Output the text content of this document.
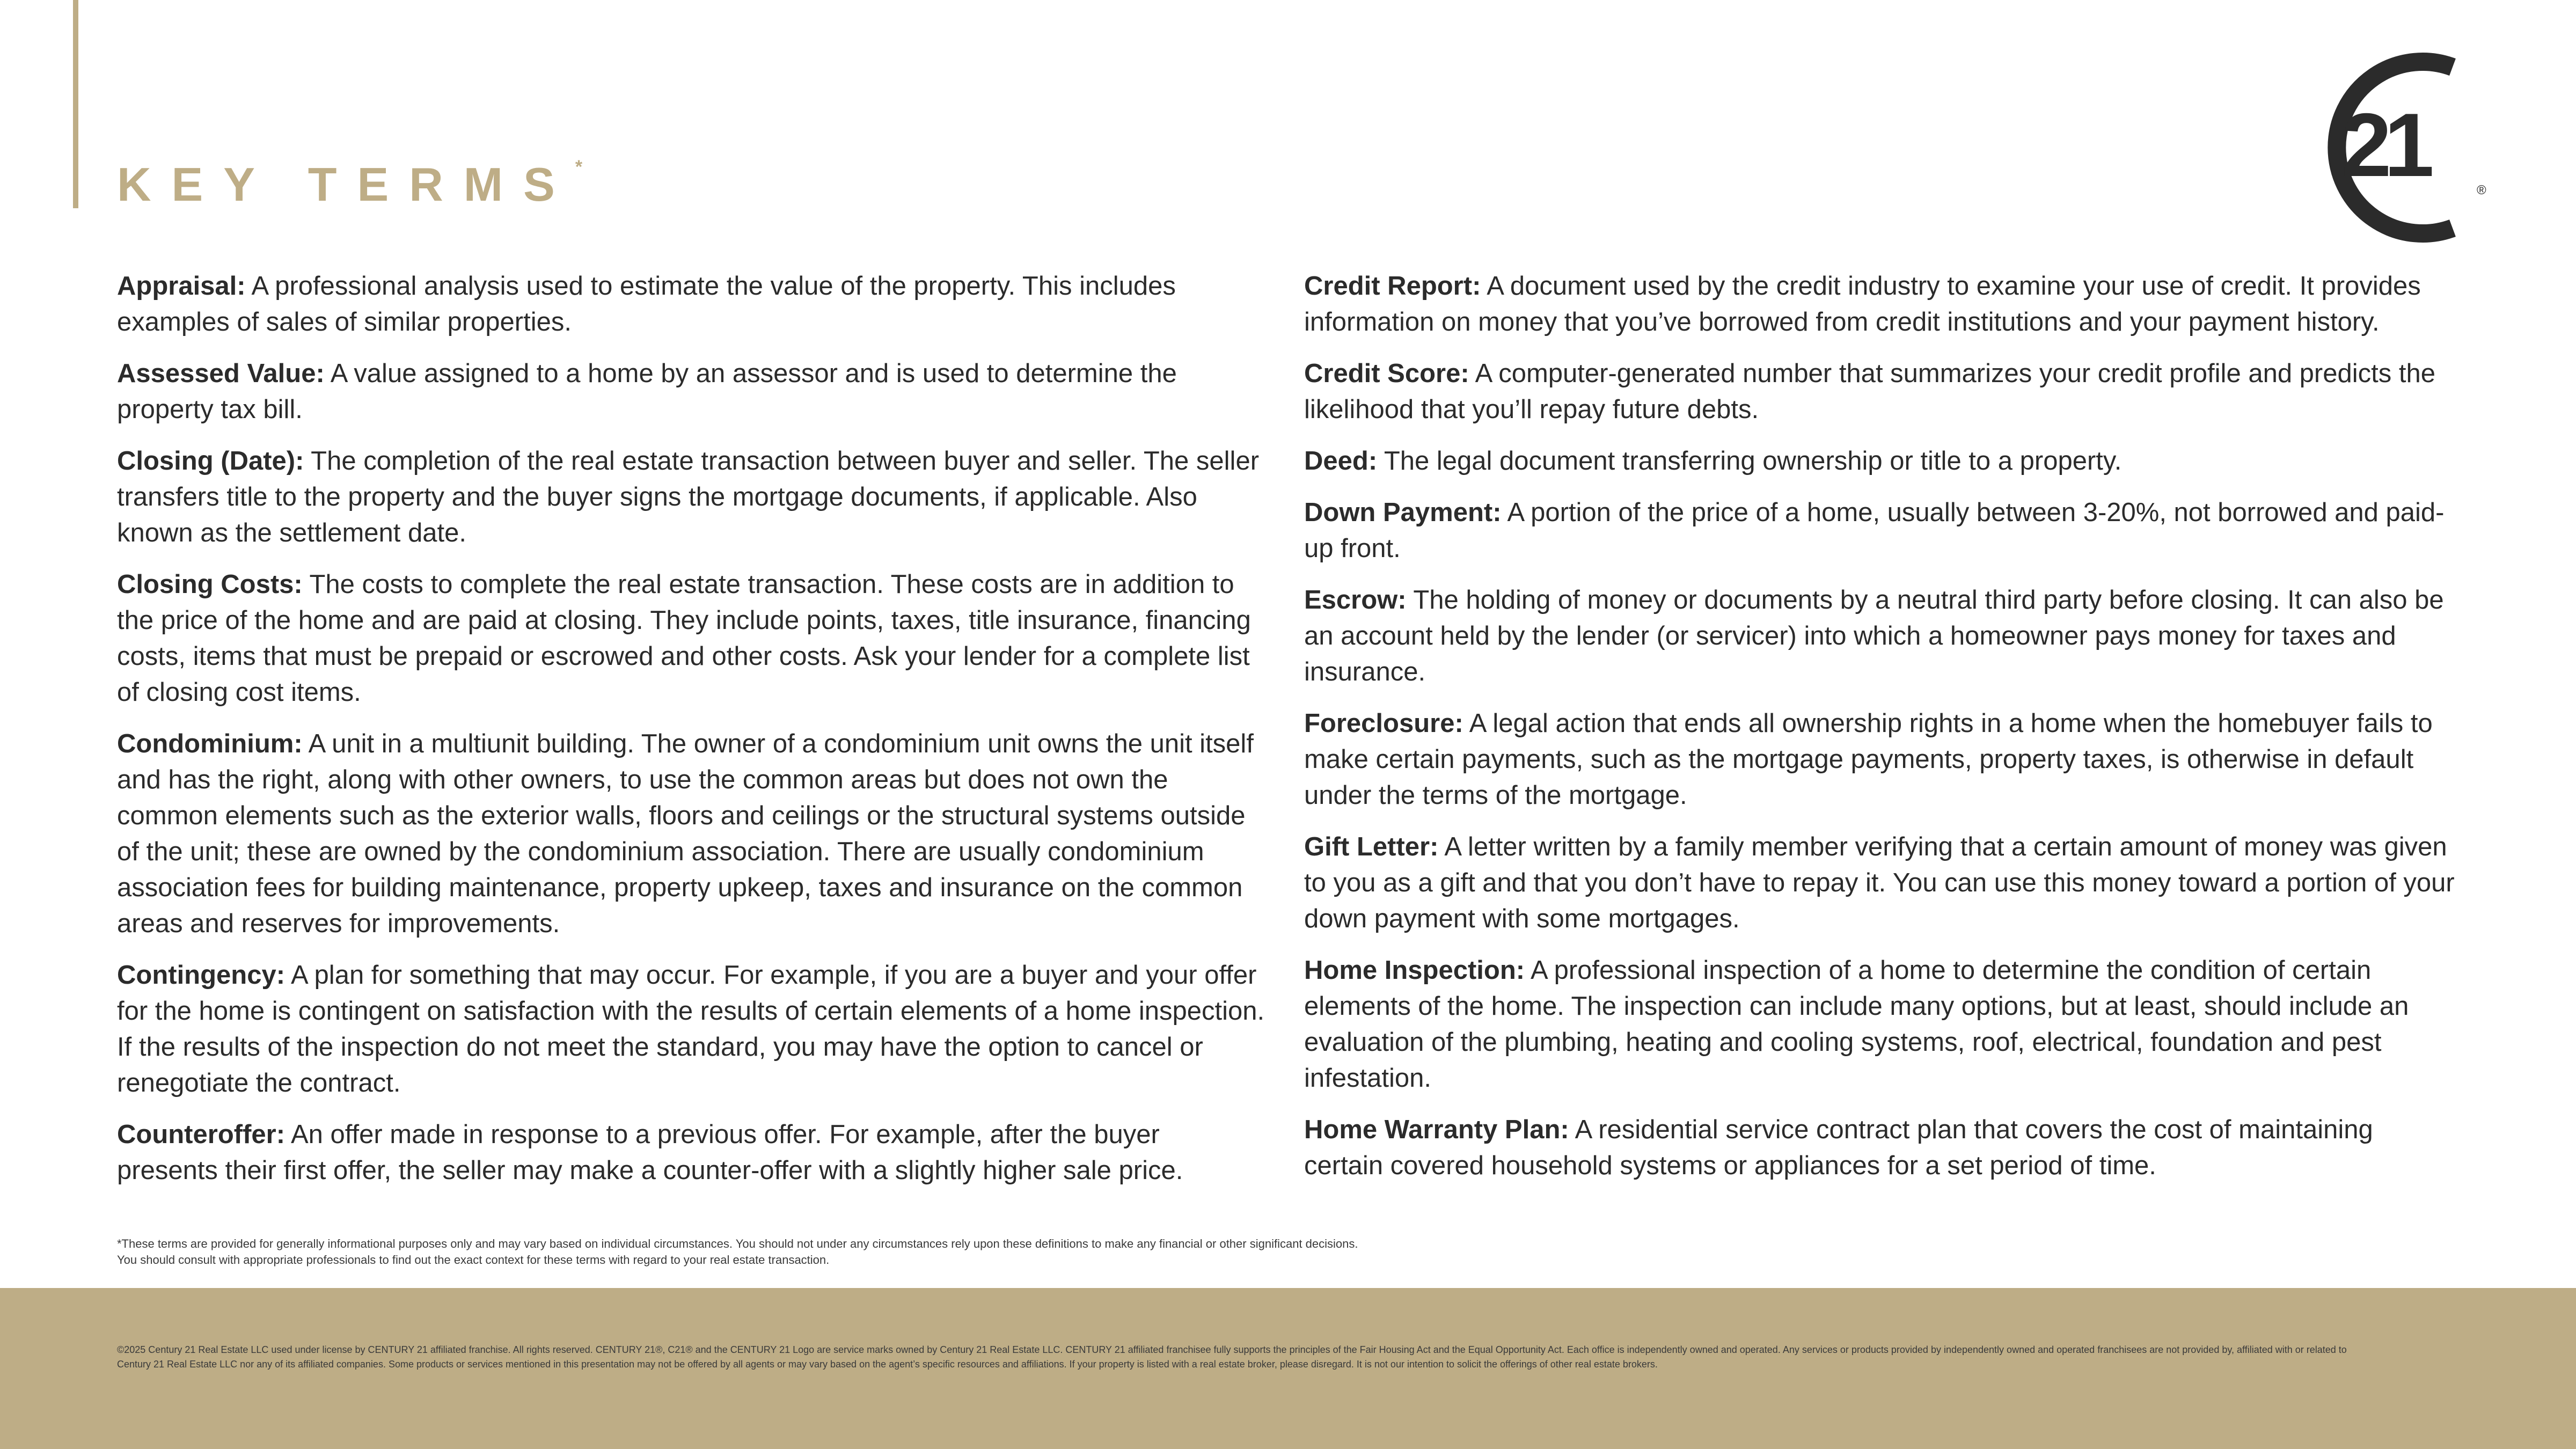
KEY TERMS*	21	®

Appraisal: A professional analysis used to estimate the value of the property. This includes examples of sales of similar properties.

Assessed Value: A value assigned to a home by an assessor and is used to determine the property tax bill.

Closing (Date): The completion of the real estate transaction between buyer and seller. The seller transfers title to the property and the buyer signs the mortgage documents, if applicable. Also known as the settlement date.

Closing Costs: The costs to complete the real estate transaction. These costs are in addition to the price of the home and are paid at closing. They include points, taxes, title insurance, financing costs, items that must be prepaid or escrowed and other costs. Ask your lender for a complete list of closing cost items.

Condominium: A unit in a multiunit building. The owner of a condominium unit owns the unit itself and has the right, along with other owners, to use the common areas but does not own the common elements such as the exterior walls, floors and ceilings or the structural systems outside of the unit; these are owned by the condominium association. There are usually condominium association fees for building maintenance, property upkeep, taxes and insurance on the common areas and reserves for improvements.

Contingency: A plan for something that may occur. For example, if you are a buyer and your offer for the home is contingent on satisfaction with the results of certain elements of a home inspection. If the results of the inspection do not meet the standard, you may have the option to cancel or renegotiate the contract.

Counteroffer: An offer made in response to a previous offer. For example, after the buyer presents their first offer, the seller may make a counter-offer with a slightly higher sale price.

Credit Report: A document used by the credit industry to examine your use of credit. It provides information on money that you’ve borrowed from credit institutions and your payment history.

Credit Score: A computer-generated number that summarizes your credit profile and predicts the likelihood that you’ll repay future debts.

Deed: The legal document transferring ownership or title to a property.

Down Payment: A portion of the price of a home, usually between 3-20%, not borrowed and paid-up front.

Escrow: The holding of money or documents by a neutral third party before closing. It can also be an account held by the lender (or servicer) into which a homeowner pays money for taxes and insurance.

Foreclosure: A legal action that ends all ownership rights in a home when the homebuyer fails to make certain payments, such as the mortgage payments, property taxes, is otherwise in default under the terms of the mortgage.

Gift Letter: A letter written by a family member verifying that a certain amount of money was given to you as a gift and that you don’t have to repay it. You can use this money toward a portion of your down payment with some mortgages.

Home Inspection: A professional inspection of a home to determine the condition of certain elements of the home. The inspection can include many options, but at least, should include an evaluation of the plumbing, heating and cooling systems, roof, electrical, foundation and pest infestation.

Home Warranty Plan: A residential service contract plan that covers the cost of maintaining certain covered household systems or appliances for a set period of time.

*These terms are provided for generally informational purposes only and may vary based on individual circumstances. You should not under any circumstances rely upon these definitions to make any financial or other significant decisions.

You should consult with appropriate professionals to find out the exact context for these terms with regard to your real estate transaction.

©2025 Century 21 Real Estate LLC used under license by CENTURY 21 affiliated franchise. All rights reserved. CENTURY 21®, C21® and the CENTURY 21 Logo are service marks owned by Century 21 Real Estate LLC. CENTURY 21 affiliated franchisee fully supports the principles of the Fair Housing Act and the Equal Opportunity Act. Each office is independently owned and operated. Any services or products provided by independently owned and operated franchisees are not provided by, affiliated with or related to Century 21 Real Estate LLC nor any of its affiliated companies. Some products or services mentioned in this presentation may not be offered by all agents or may vary based on the agent’s specific resources and affiliations. If your property is listed with a real estate broker, please disregard. It is not our intention to solicit the offerings of other real estate brokers.
